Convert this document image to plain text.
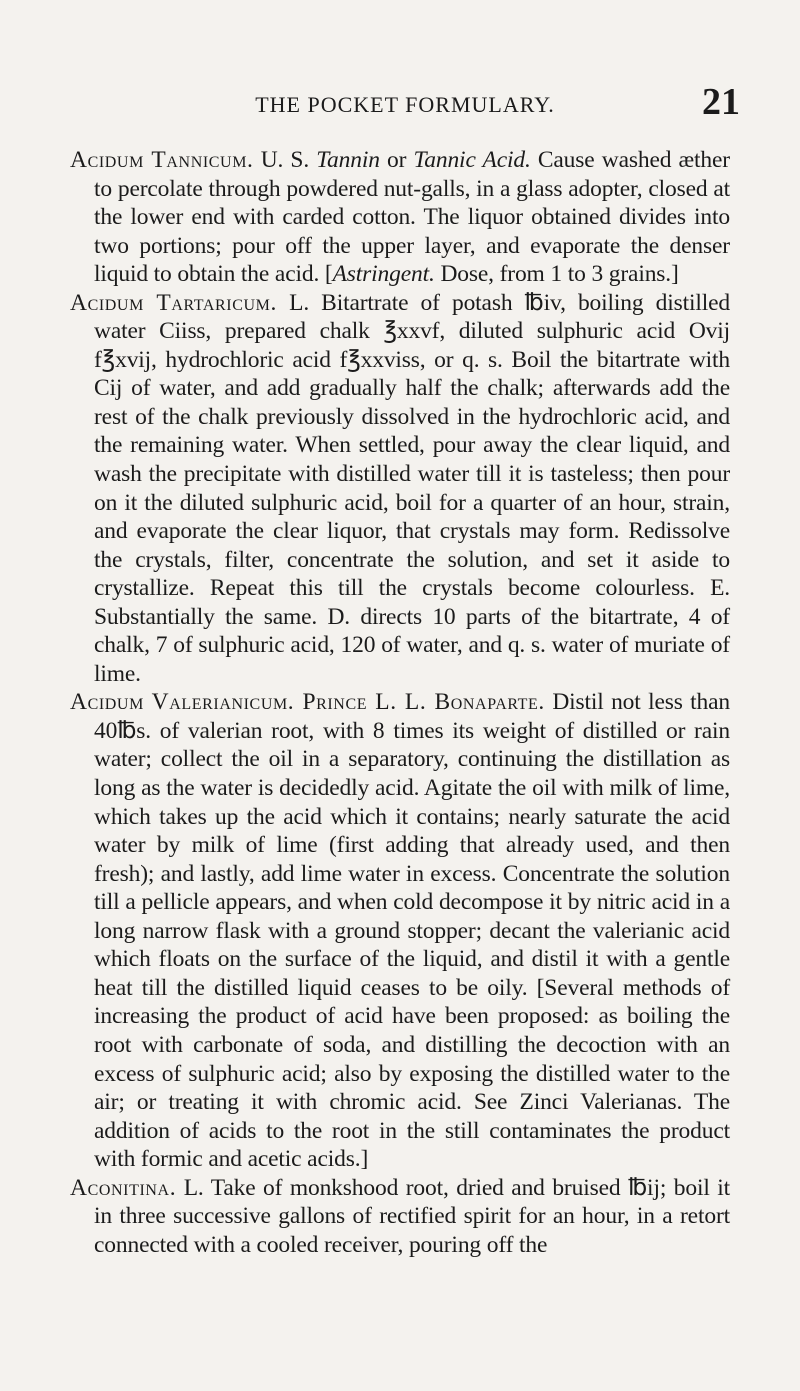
THE POCKET FORMULARY.	21

Acidum Tannicum. U. S. Tannin or Tannic Acid. Cause washed æther to percolate through powdered nut-galls, in a glass adopter, closed at the lower end with carded cotton. The liquor obtained divides into two portions; pour off the upper layer, and evaporate the denser liquid to obtain the acid. [Astringent. Dose, from 1 to 3 grains.]

Acidum Tartaricum. L. Bitartrate of potash ℔iv, boiling distilled water Ciiss, prepared chalk ℥xxvf, diluted sulphuric acid Ovij f℥xvij, hydrochloric acid f℥xxviss, or q. s. Boil the bitartrate with Cij of water, and add gradually half the chalk; afterwards add the rest of the chalk previously dissolved in the hydrochloric acid, and the remaining water. When settled, pour away the clear liquid, and wash the precipitate with distilled water till it is tasteless; then pour on it the diluted sulphuric acid, boil for a quarter of an hour, strain, and evaporate the clear liquor, that crystals may form. Redissolve the crystals, filter, concentrate the solution, and set it aside to crystallize. Repeat this till the crystals become colourless. E. Substantially the same. D. directs 10 parts of the bitartrate, 4 of chalk, 7 of sulphuric acid, 120 of water, and q. s. water of muriate of lime.

Acidum Valerianicum. Prince L. L. Bonaparte. Distil not less than 40℔s. of valerian root, with 8 times its weight of distilled or rain water; collect the oil in a separatory, continuing the distillation as long as the water is decidedly acid. Agitate the oil with milk of lime, which takes up the acid which it contains; nearly saturate the acid water by milk of lime (first adding that already used, and then fresh); and lastly, add lime water in excess. Concentrate the solution till a pellicle appears, and when cold decompose it by nitric acid in a long narrow flask with a ground stopper; decant the valerianic acid which floats on the surface of the liquid, and distil it with a gentle heat till the distilled liquid ceases to be oily. [Several methods of increasing the product of acid have been proposed: as boiling the root with carbonate of soda, and distilling the decoction with an excess of sulphuric acid; also by exposing the distilled water to the air; or treating it with chromic acid. See Zinci Valerianas. The addition of acids to the root in the still contaminates the product with formic and acetic acids.]

Aconitina. L. Take of monkshood root, dried and bruised ℔ij; boil it in three successive gallons of rectified spirit for an hour, in a retort connected with a cooled receiver, pouring off the
